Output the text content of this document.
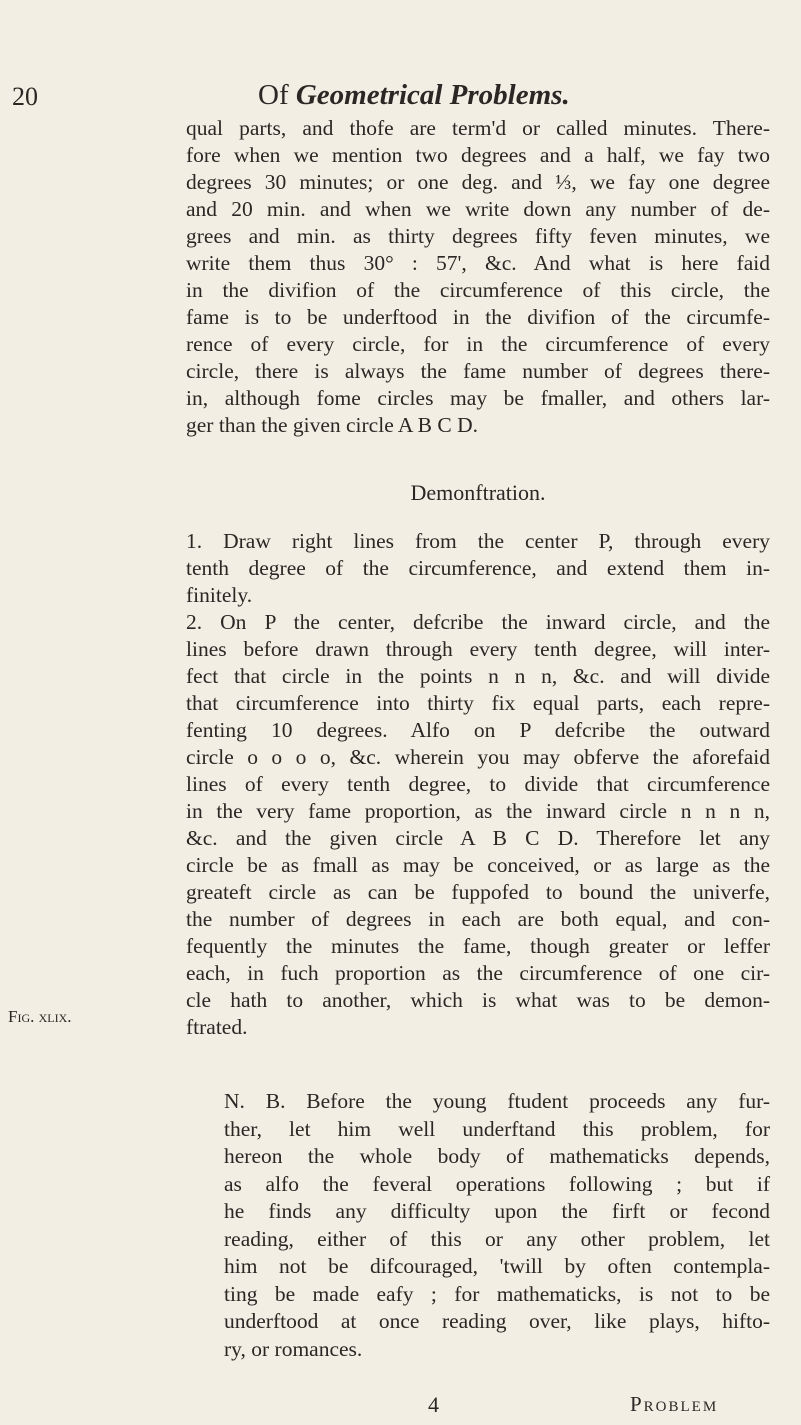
20	Of Geometrical Problems.
qual parts, and thofe are term'd or called minutes. There-
fore when we mention two degrees and a half, we fay two
degrees 30 minutes; or one deg. and ⅓, we fay one degree
and 20 min. and when we write down any number of de-
grees and min. as thirty degrees fifty feven minutes, we
write them thus 30° : 57', &c. And what is here faid
in the divifion of the circumference of this circle, the
fame is to be underftood in the divifion of the circumfe-
rence of every circle, for in the circumference of every
circle, there is always the fame number of degrees there-
in, although fome circles may be fmaller, and others lar-
ger than the given circle A B C D.
Demonftration.
1. Draw right lines from the center P, through every
tenth degree of the circumference, and extend them in-
finitely.
2. On P the center, defcribe the inward circle, and the
lines before drawn through every tenth degree, will inter-
fect that circle in the points n n n, &c. and will divide
that circumference into thirty fix equal parts, each repre-
fenting 10 degrees. Alfo on P defcribe the outward
circle o o o o, &c. wherein you may obferve the aforefaid
lines of every tenth degree, to divide that circumference
in the very fame proportion, as the inward circle n n n n,
&c. and the given circle A B C D. Therefore let any
circle be as fmall as may be conceived, or as large as the
greateft circle as can be fuppofed to bound the univerfe,
the number of degrees in each are both equal, and con-
fequently the minutes the fame, though greater or leffer
each, in fuch proportion as the circumference of one cir-
cle hath to another, which is what was to be demon-
ftrated.
Fig. xlix.
N. B. Before the young ftudent proceeds any fur-
ther, let him well underftand this problem, for
hereon the whole body of mathematicks depends,
as alfo the feveral operations following ; but if
he finds any difficulty upon the firft or fecond
reading, either of this or any other problem, let
him not be difcouraged, 'twill by often contempla-
ting be made eafy ; for mathematicks, is not to be
underftood at once reading over, like plays, hifto-
ry, or romances.
4	Problem
